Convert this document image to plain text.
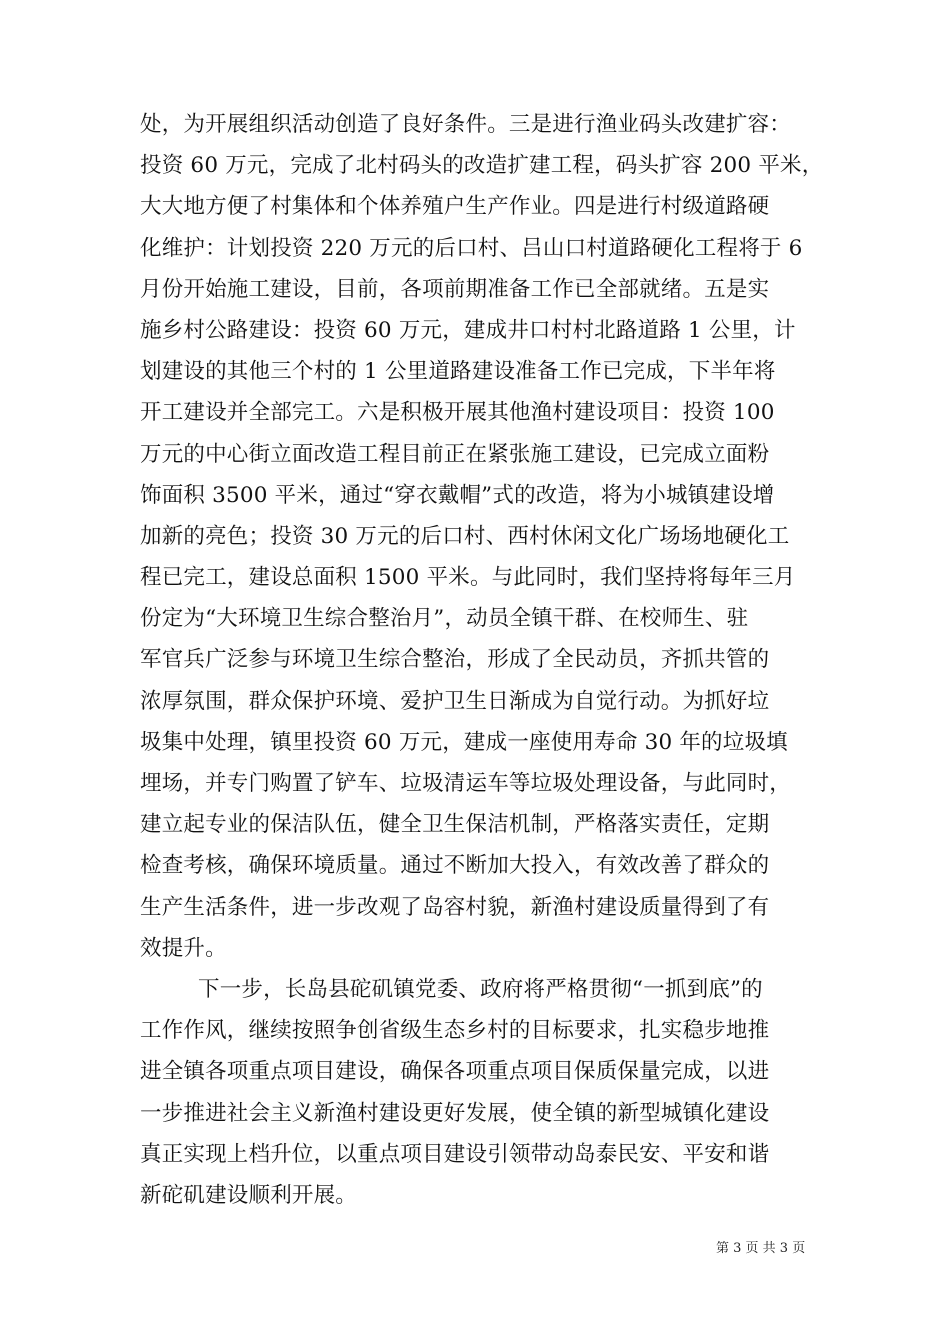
处，为开展组织活动创造了良好条件。三是进行渔业码头改建扩容：
投资 60 万元，完成了北村码头的改造扩建工程，码头扩容 200 平米，
大大地方便了村集体和个体养殖户生产作业。四是进行村级道路硬
化维护：计划投资 220 万元的后口村、吕山口村道路硬化工程将于 6
月份开始施工建设，目前，各项前期准备工作已全部就绪。五是实
施乡村公路建设：投资 60 万元，建成井口村村北路道路 1 公里，计
划建设的其他三个村的 1 公里道路建设准备工作已完成，下半年将
开工建设并全部完工。六是积极开展其他渔村建设项目：投资 100
万元的中心街立面改造工程目前正在紧张施工建设，已完成立面粉
饰面积 3500 平米，通过“穿衣戴帽”式的改造，将为小城镇建设增
加新的亮色；投资 30 万元的后口村、西村休闲文化广场场地硬化工
程已完工，建设总面积 1500 平米。与此同时，我们坚持将每年三月
份定为“大环境卫生综合整治月”，动员全镇干群、在校师生、驻
军官兵广泛参与环境卫生综合整治，形成了全民动员，齐抓共管的
浓厚氛围，群众保护环境、爱护卫生日渐成为自觉行动。为抓好垃
圾集中处理，镇里投资 60 万元，建成一座使用寿命 30 年的垃圾填
埋场，并专门购置了铲车、垃圾清运车等垃圾处理设备，与此同时，
建立起专业的保洁队伍，健全卫生保洁机制，严格落实责任，定期
检查考核，确保环境质量。通过不断加大投入，有效改善了群众的
生产生活条件，进一步改观了岛容村貌，新渔村建设质量得到了有
效提升。
下一步，长岛县砣矶镇党委、政府将严格贯彻“一抓到底”的
工作作风，继续按照争创省级生态乡村的目标要求，扎实稳步地推
进全镇各项重点项目建设，确保各项重点项目保质保量完成，以进
一步推进社会主义新渔村建设更好发展，使全镇的新型城镇化建设
真正实现上档升位，以重点项目建设引领带动岛泰民安、平安和谐
新砣矶建设顺利开展。
第 3 页 共 3 页
